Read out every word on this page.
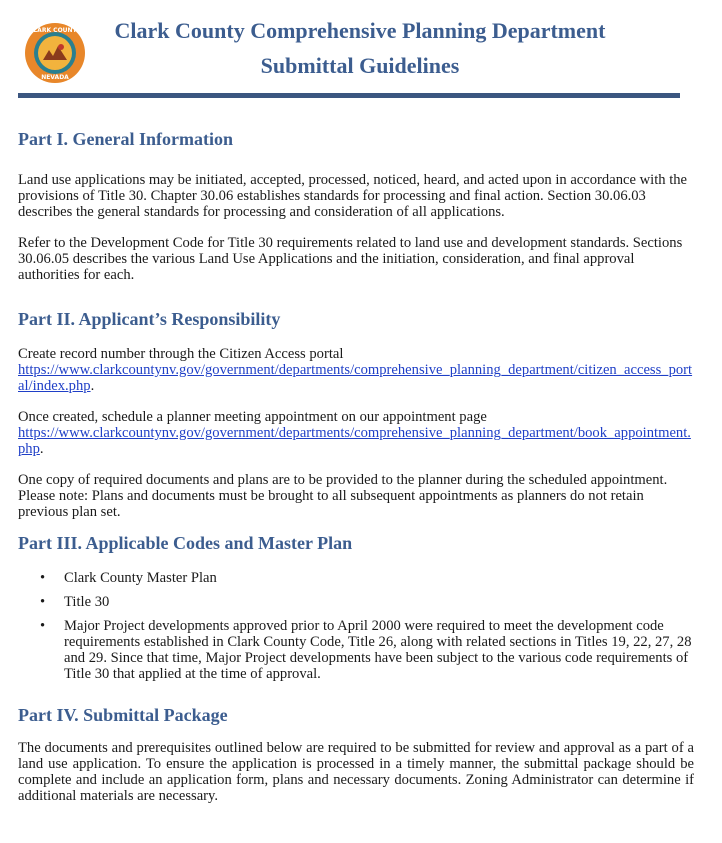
CLARK COUNTY
NEVADA
Clark County Comprehensive Planning Department
Submittal Guidelines
Part I. General Information

Land use applications may be initiated, accepted, processed, noticed, heard, and acted upon in accordance with the provisions of Title 30. Chapter 30.06 establishes standards for processing and final action. Section 30.06.03 describes the general standards for processing and consideration of all applications.

Refer to the Development Code for Title 30 requirements related to land use and development standards. Sections 30.06.05 describes the various Land Use Applications and the initiation, consideration, and final approval authorities for each.

Part II. Applicant’s Responsibility

Create record number through the Citizen Access portal
https://www.clarkcountynv.gov/government/departments/comprehensive_planning_department/citizen_access_portal/index.php.

Once created, schedule a planner meeting appointment on our appointment page
https://www.clarkcountynv.gov/government/departments/comprehensive_planning_department/book_appointment.php.

One copy of required documents and plans are to be provided to the planner during the scheduled appointment. Please note: Plans and documents must be brought to all subsequent appointments as planners do not retain previous plan set.

Part III. Applicable Codes and Master Plan
• Clark County Master Plan
• Title 30
• Major Project developments approved prior to April 2000 were required to meet the development code requirements established in Clark County Code, Title 26, along with related sections in Titles 19, 22, 27, 28 and 29. Since that time, Major Project developments have been subject to the various code requirements of Title 30 that applied at the time of approval.
Part IV. Submittal Package

The documents and prerequisites outlined below are required to be submitted for review and approval as a part of a land use application. To ensure the application is processed in a timely manner, the submittal package should be complete and include an application form, plans and necessary documents. Zoning Administrator can determine if additional materials are necessary.
